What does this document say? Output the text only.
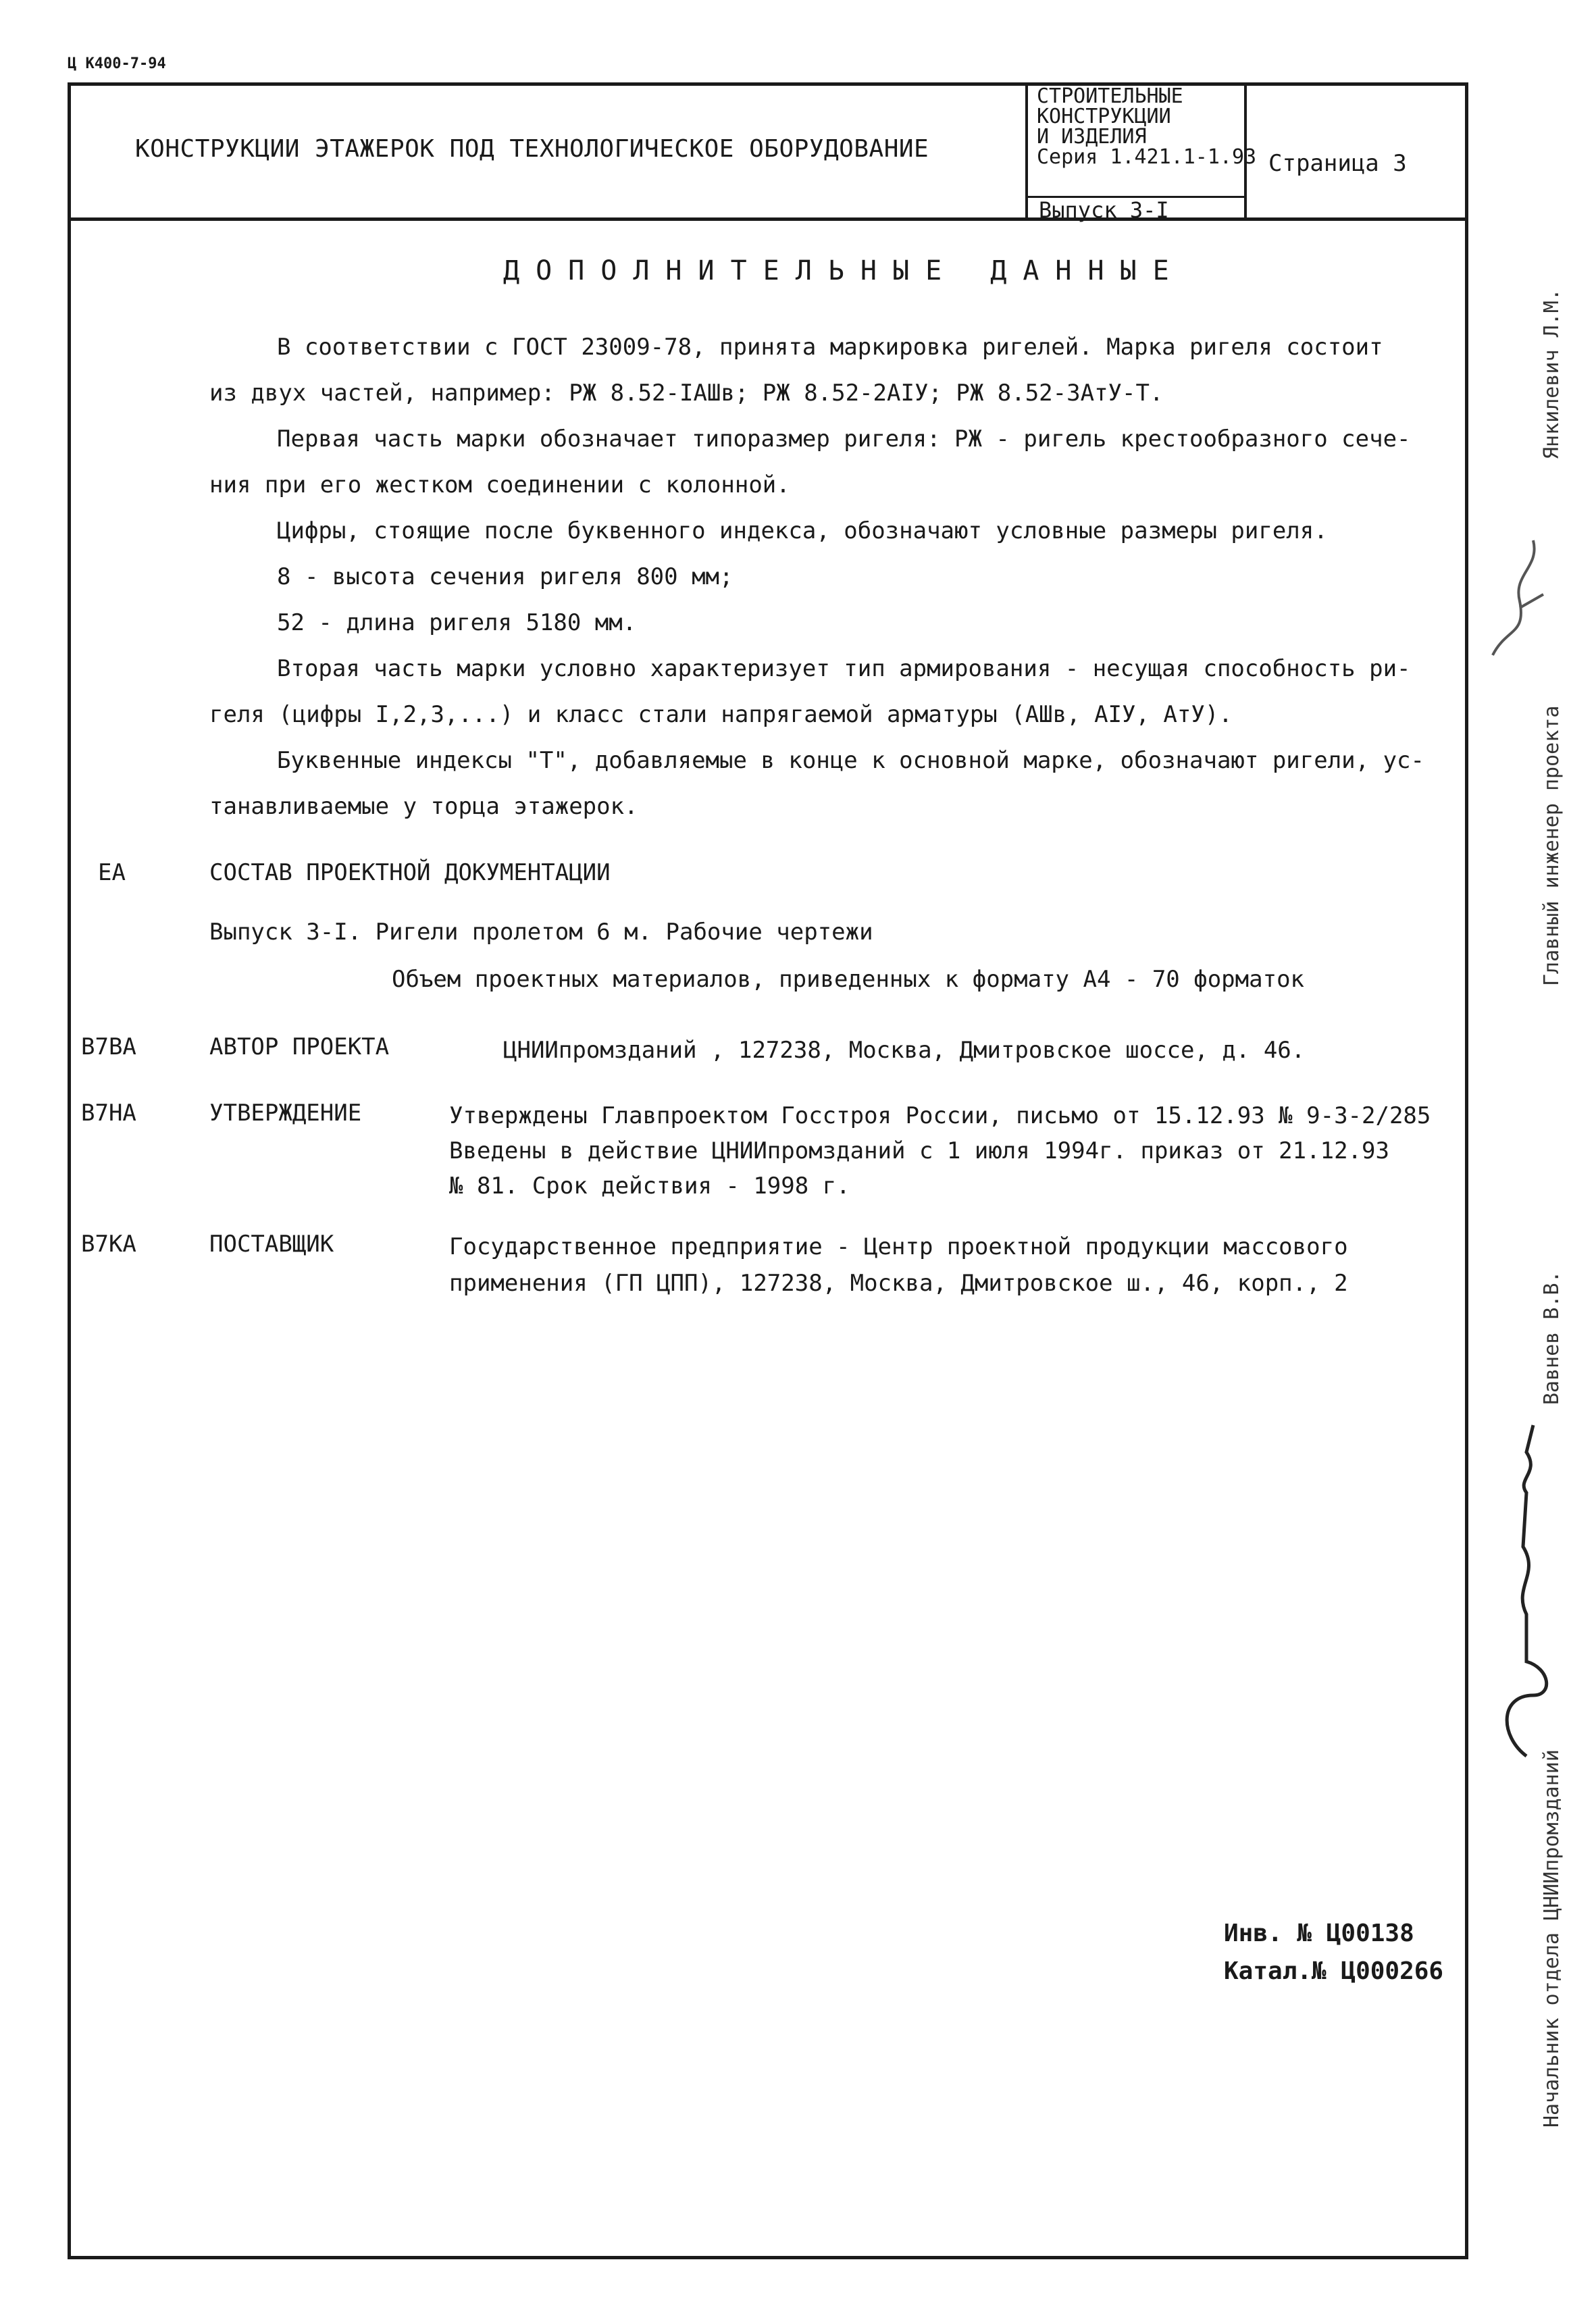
Ц К400-7-94
КОНСТРУКЦИИ ЭТАЖЕРОК ПОД ТЕХНОЛОГИЧЕСКОЕ ОБОРУДОВАНИЕ
СТРОИТЕЛЬНЫЕ
КОНСТРУКЦИИ
И ИЗДЕЛИЯ
Серия 1.421.1-1.93
Выпуск 3-I
Страница 3
ДОПОЛНИТЕЛЬНЫЕ ДАННЫЕ
В соответствии с ГОСТ 23009-78, принята маркировка ригелей. Марка ригеля состоит
из двух частей, например: РЖ 8.52-IАШв; РЖ 8.52-2АIУ; РЖ 8.52-3АтУ-Т.
Первая часть марки обозначает типоразмер ригеля: РЖ - ригель крестообразного сече-
ния при его жестком соединении с колонной.
Цифры, стоящие после буквенного индекса, обозначают условные размеры ригеля.
8 - высота сечения ригеля 800 мм;
52 - длина ригеля 5180 мм.
Вторая часть марки условно характеризует тип армирования - несущая способность ри-
геля (цифры I,2,3,...) и класс стали напрягаемой арматуры (АШв, АIУ, АтУ).
Буквенные индексы "Т", добавляемые в конце к основной марке, обозначают ригели, ус-
танавливаемые у торца этажерок.
ЕА	СОСТАВ ПРОЕКТНОЙ ДОКУМЕНТАЦИИ
Выпуск 3-I. Ригели пролетом 6 м. Рабочие чертежи
Объем проектных материалов, приведенных к формату А4 - 70 форматок
В7ВА	АВТОР ПРОЕКТА	ЦНИИпромзданий , 127238, Москва, Дмитровское шоссе, д. 46.
В7НА	УТВЕРЖДЕНИЕ	Утверждены Главпроектом Госстроя России, письмо от 15.12.93 № 9-3-2/285
Введены в действие ЦНИИпромзданий с 1 июля 1994г. приказ от 21.12.93
№ 81. Срок действия - 1998 г.
В7КА	ПОСТАВЩИК	Государственное предприятие - Центр проектной продукции массового
применения (ГП ЦПП), 127238, Москва, Дмитровское ш., 46, корп., 2
Инв. № Ц00138
Катал.№ Ц000266
Янкилевич Л.М.
Главный инженер проекта
Вавнев В.В.
Начальник отдела ЦНИИпромзданий
